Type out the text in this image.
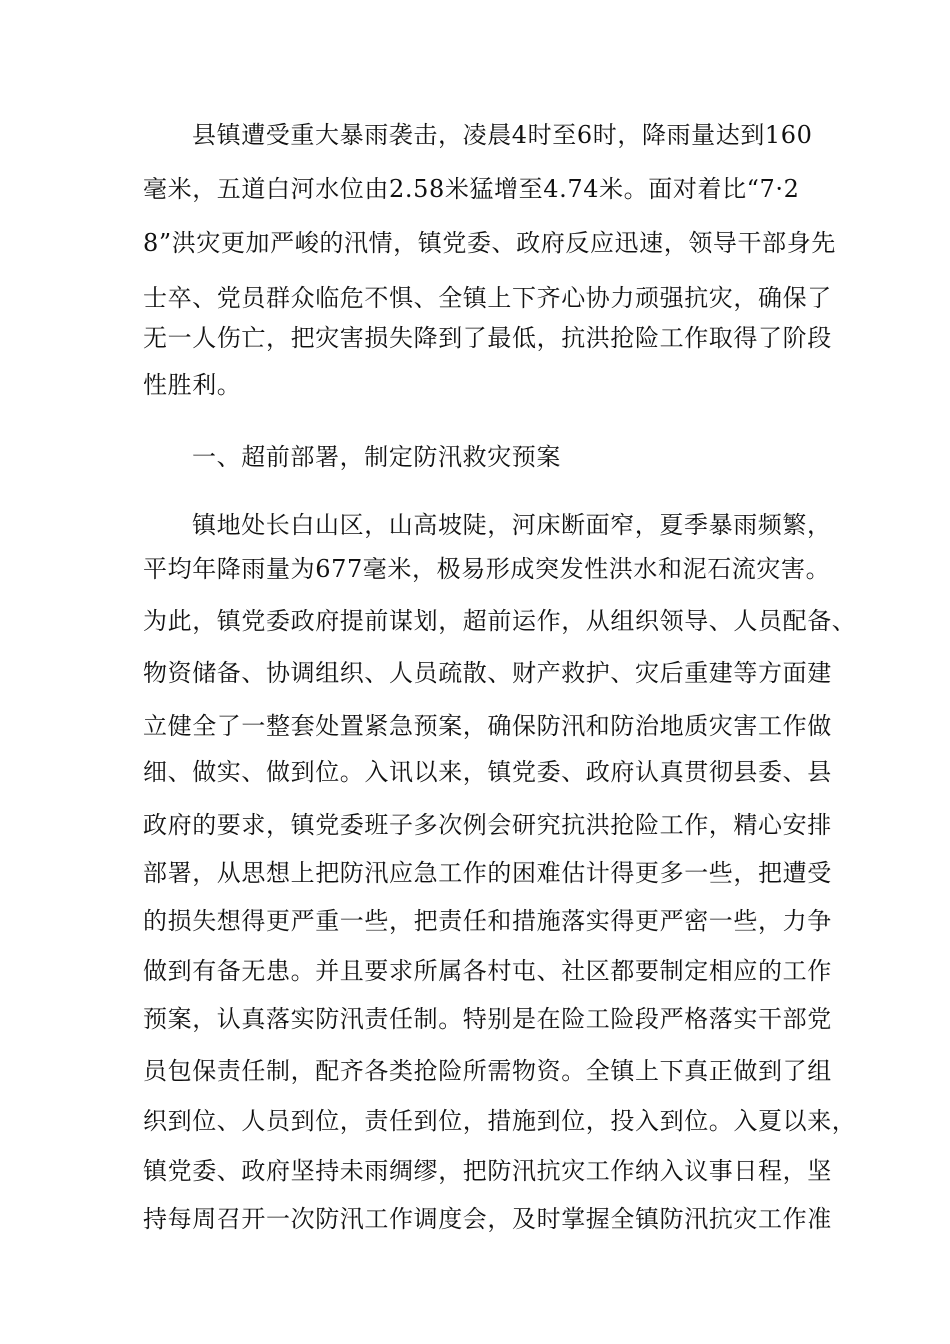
县镇遭受重大暴雨袭击，凌晨4时至6时，降雨量达到160
毫米，五道白河水位由2.58米猛增至4.74米。面对着比“7·2
8”洪灾更加严峻的汛情，镇党委、政府反应迅速，领导干部身先
士卒、党员群众临危不惧、全镇上下齐心协力顽强抗灾，确保了
无一人伤亡，把灾害损失降到了最低，抗洪抢险工作取得了阶段
性胜利。
一、超前部署，制定防汛救灾预案
镇地处长白山区，山高坡陡，河床断面窄，夏季暴雨频繁，
平均年降雨量为677毫米，极易形成突发性洪水和泥石流灾害。
为此，镇党委政府提前谋划，超前运作，从组织领导、人员配备、
物资储备、协调组织、人员疏散、财产救护、灾后重建等方面建
立健全了一整套处置紧急预案，确保防汛和防治地质灾害工作做
细、做实、做到位。入讯以来，镇党委、政府认真贯彻县委、县
政府的要求，镇党委班子多次例会研究抗洪抢险工作，精心安排
部署，从思想上把防汛应急工作的困难估计得更多一些，把遭受
的损失想得更严重一些，把责任和措施落实得更严密一些，力争
做到有备无患。并且要求所属各村屯、社区都要制定相应的工作
预案，认真落实防汛责任制。特别是在险工险段严格落实干部党
员包保责任制，配齐各类抢险所需物资。全镇上下真正做到了组
织到位、人员到位，责任到位，措施到位，投入到位。入夏以来，
镇党委、政府坚持未雨绸缪，把防汛抗灾工作纳入议事日程，坚
持每周召开一次防汛工作调度会，及时掌握全镇防汛抗灾工作准
